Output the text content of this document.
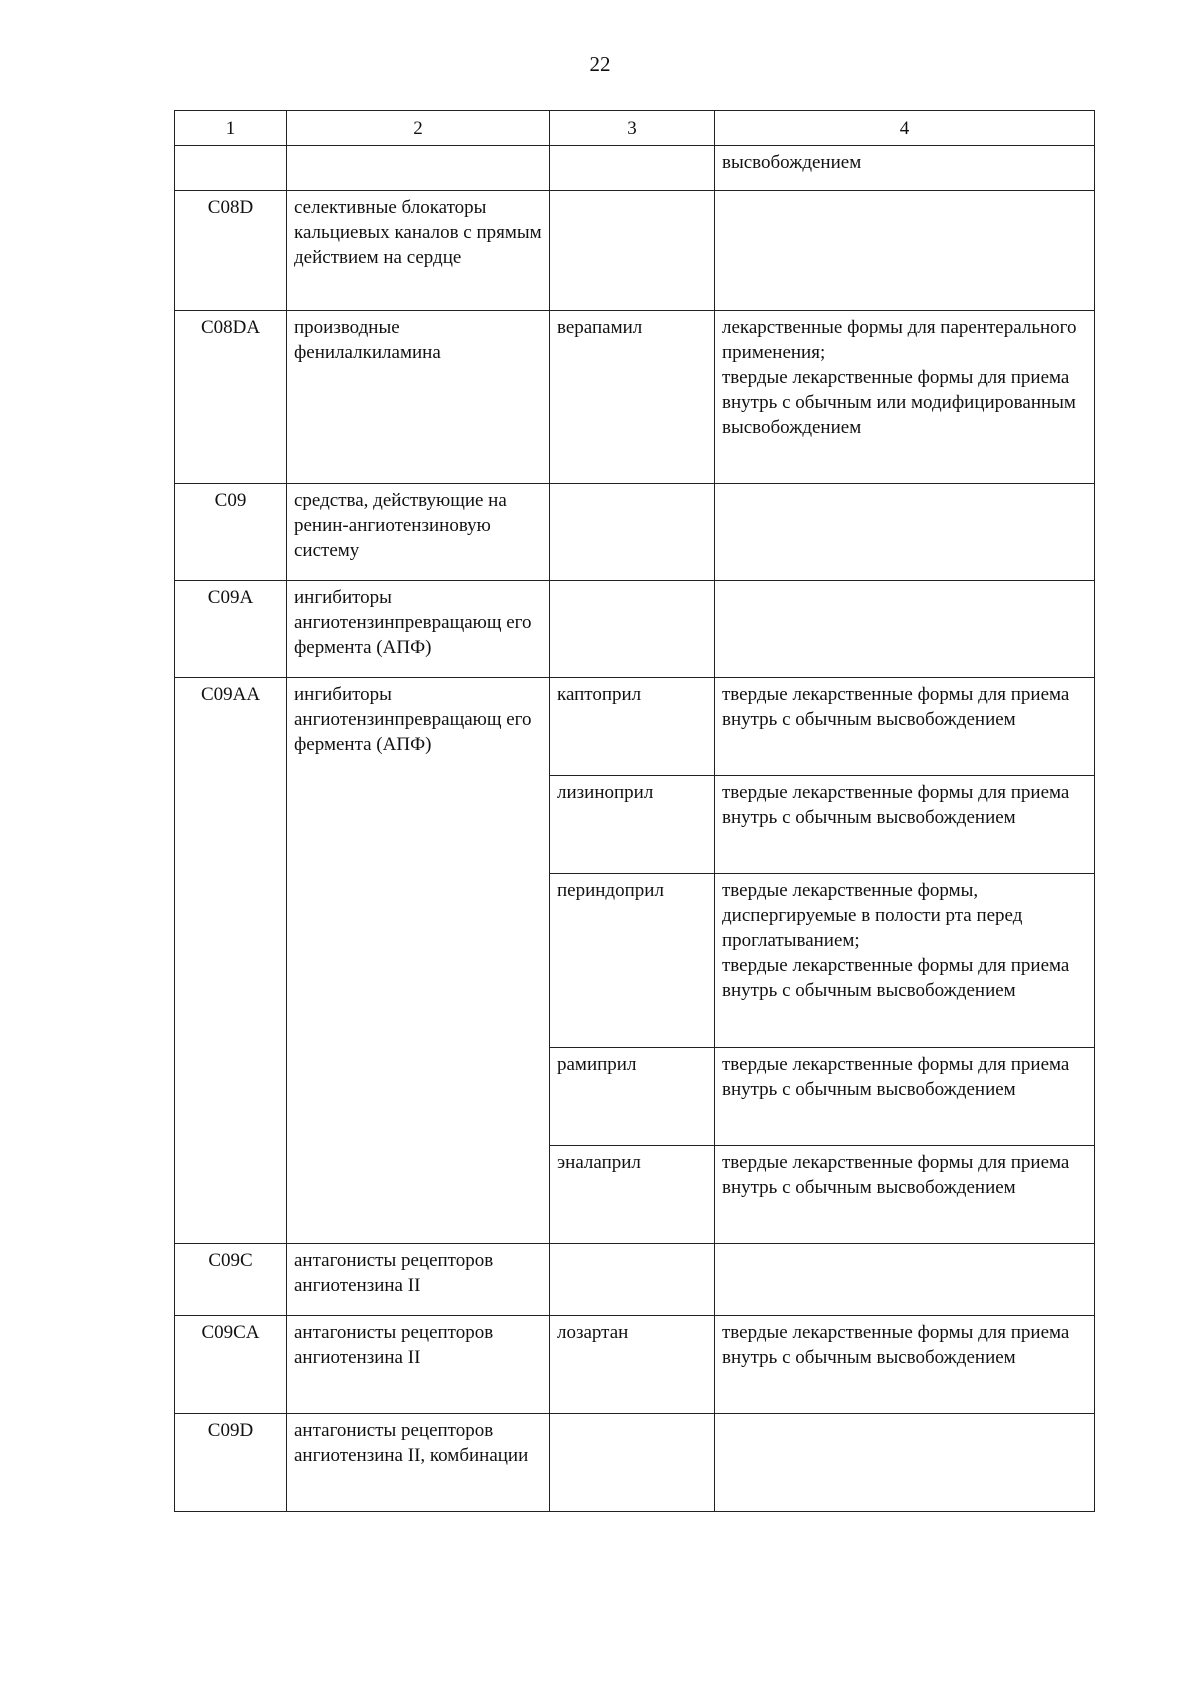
22
1	2	3	4
			высвобождением
C08D	селективные блокаторы кальциевых каналов с прямым действием на сердце		
C08DA	производные фенилалкиламина	верапамил	лекарственные формы для парентерального применения;
твердые лекарственные формы для приема внутрь с обычным или модифицированным высвобождением
C09	средства, действующие на ренин-ангиотензиновую систему		
C09A	ингибиторы ангиотензинпревращающ его фермента (АПФ)		
C09AA	ингибиторы ангиотензинпревращающ его фермента (АПФ)	каптоприл	твердые лекарственные формы для приема внутрь с обычным высвобождением
		лизиноприл	твердые лекарственные формы для приема внутрь с обычным высвобождением
		периндоприл	твердые лекарственные формы, диспергируемые в полости рта перед проглатыванием;
твердые лекарственные формы для приема внутрь с обычным высвобождением
		рамиприл	твердые лекарственные формы для приема внутрь с обычным высвобождением
		эналаприл	твердые лекарственные формы для приема внутрь с обычным высвобождением
C09C	антагонисты рецепторов ангиотензина II		
C09CA	антагонисты рецепторов ангиотензина II	лозартан	твердые лекарственные формы для приема внутрь с обычным высвобождением
C09D	антагонисты рецепторов ангиотензина II, комбинации		
